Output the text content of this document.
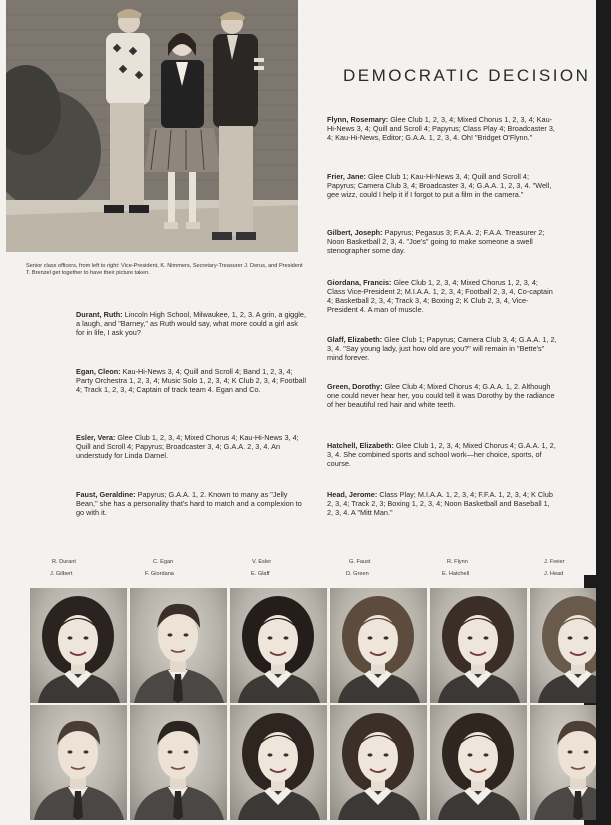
Senior class officers, from left to right: Vice-President, K. Nimmers, Secretary-Treasurer J. Derus, and President T. Brenzel get together to have their picture taken.
DEMOCRATIC DECISION
Flynn, Rosemary: Glee Club 1, 2, 3, 4; Mixed Chorus 1, 2, 3, 4; Kau-Hi-News 3, 4; Quill and Scroll 4; Papyrus; Class Play 4; Broadcaster 3, 4; Kau-Hi-News, Editor; G.A.A. 1, 2, 3, 4. Oh! "Bridget O'Flynn."
Frier, Jane: Glee Club 1; Kau-Hi-News 3, 4; Quill and Scroll 4; Papyrus; Camera Club 3, 4; Broadcaster 3, 4; G.A.A. 1, 2, 3, 4. "Well, gee wizz, could I help it if I forgot to put a film in the camera."
Gilbert, Joseph: Papyrus; Pegasus 3; F.A.A. 2; F.A.A. Treasurer 2; Noon Basketball 2, 3, 4. "Joe's" going to make someone a swell stenographer some day.
Giordana, Francis: Glee Club 1, 2, 3, 4; Mixed Chorus 1, 2, 3, 4; Class Vice-President 2; M.I.A.A. 1, 2, 3, 4; Football 2, 3, 4, Co-captain 4; Basketball 2, 3, 4; Track 3, 4; Boxing 2; K Club 2, 3, 4, Vice-President 4. A man of muscle.
Glaff, Elizabeth: Glee Club 1; Papyrus; Camera Club 3, 4; G.A.A. 1, 2, 3, 4. "Say young lady, just how old are you?" will remain in "Bette's" mind forever.
Green, Dorothy: Glee Club 4; Mixed Chorus 4; G.A.A. 1, 2. Although one could never hear her, you could tell it was Dorothy by the radiance of her beautiful red hair and white teeth.
Hatchell, Elizabeth: Glee Club 1, 2, 3, 4; Mixed Chorus 4; G.A.A. 1, 2, 3, 4. She combined sports and school work—her choice, sports, of course.
Head, Jerome: Class Play; M.I.A.A. 1, 2, 3, 4; F.F.A. 1, 2, 3, 4; K Club 2, 3, 4; Track 2, 3; Boxing 1, 2, 3, 4; Noon Basketball and Baseball 1, 2, 3, 4. A "Mitt Man."
Durant, Ruth: Lincoln High School, Milwaukee, 1, 2, 3. A grin, a giggle, a laugh, and "Barney," as Ruth would say, what more could a girl ask for in life, I ask you?
Egan, Cleon: Kau-Hi-News 3, 4; Quill and Scroll 4; Band 1, 2, 3, 4; Party Orchestra 1, 2, 3, 4; Music Solo 1, 2, 3, 4; K Club 2, 3, 4; Football 4; Track 1, 2, 3, 4; Captain of track team 4. Egan and Co.
Esler, Vera: Glee Club 1, 2, 3, 4; Mixed Chorus 4; Kau-Hi-News 3, 4; Quill and Scroll 4; Papyrus; Broadcaster 3, 4; G.A.A. 2, 3, 4. An understudy for Linda Darnel.
Faust, Geraldine: Papyrus; G.A.A. 1, 2. Known to many as "Jelly Bean," she has a personality that's hard to match and a complexion to go with it.
R. Durant	C. Egan	V. Esler	G. Faust	R. Flynn	J. Freier
J. Gilbert	F. Giordana	E. Glaff	D. Green	E. Hatchell	J. Head
